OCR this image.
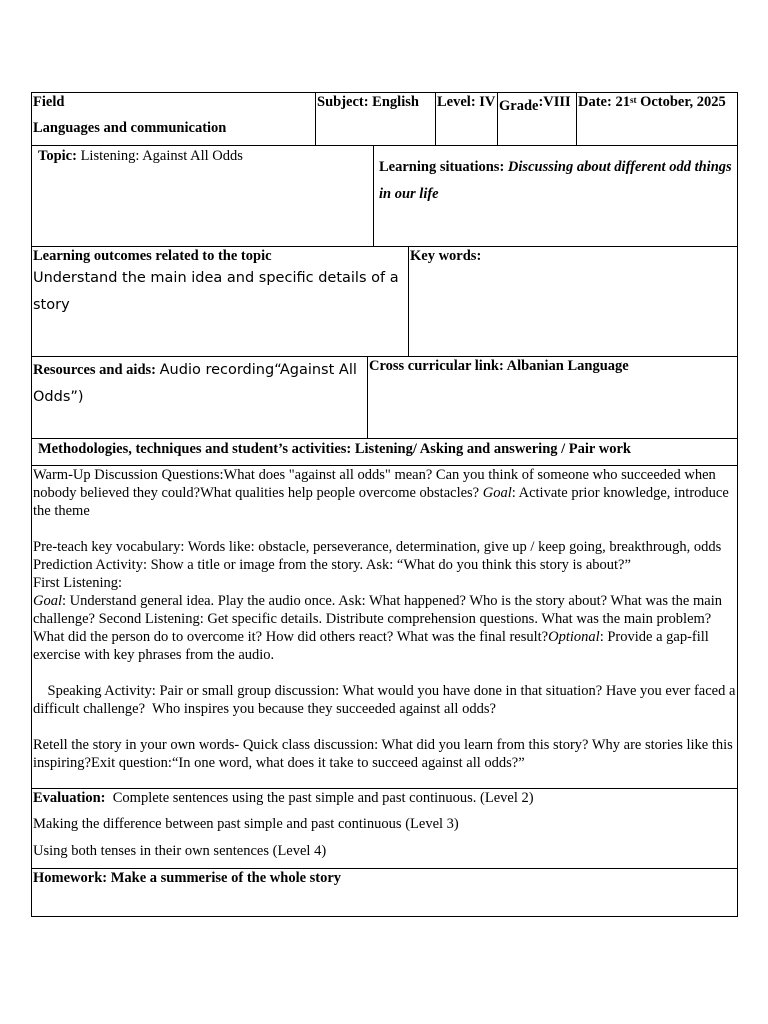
Field

Languages and communication

Subject: English	Level: IV Grade:VIII Date: 21st October, 2025
Topic: Listening: Against All Odds
Learning situations: Discussing about different odd things in our life

Learning outcomes related to the topic

Understand the main idea and specific details of a story

Key words:
Resources and aids: Audio recording“Against All Odds”)
Cross curricular link: Albanian Language
Methodologies, techniques and student’s activities: Listening/ Asking and answering / Pair work

Warm-Up Discussion Questions:What does "against all odds" mean? Can you think of someone who succeeded when nobody believed they could?What qualities help people overcome obstacles? Goal: Activate prior knowledge, introduce the theme

Pre-teach key vocabulary: Words like: obstacle, perseverance, determination, give up / keep going, breakthrough, odds

Prediction Activity: Show a title or image from the story. Ask: “What do you think this story is about?”

First Listening:

Goal: Understand general idea. Play the audio once. Ask: What happened? Who is the story about? What was the main challenge? Second Listening: Get specific details. Distribute comprehension questions. What was the main problem? What did the person do to overcome it? How did others react? What was the final result?Optional: Provide a gap-fill exercise with key phrases from the audio.

Speaking Activity: Pair or small group discussion: What would you have done in that situation? Have you ever faced a difficult challenge?  Who inspires you because they succeeded against all odds?

Retell the story in your own words- Quick class discussion: What did you learn from this story? Why are stories like this inspiring?Exit question:“In one word, what does it take to succeed against all odds?”

Evaluation:  Complete sentences using the past simple and past continuous. (Level 2)

Making the difference between past simple and past continuous (Level 3)

Using both tenses in their own sentences (Level 4)

Homework: Make a summerise of the whole story
